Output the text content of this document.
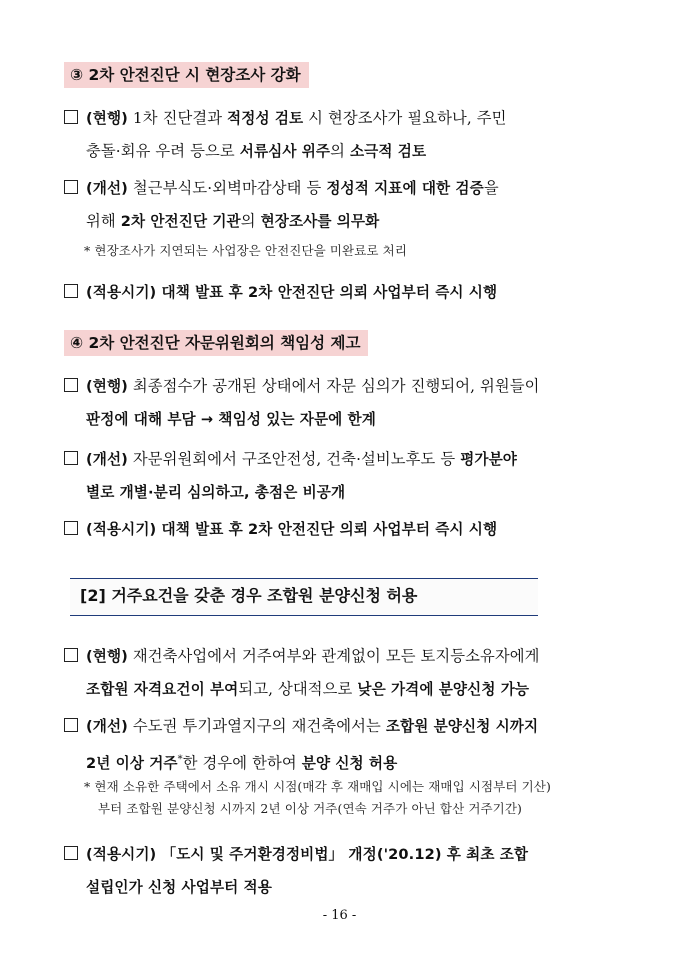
③ 2차 안전진단 시 현장조사 강화
(현행) 1차 진단결과 적정성 검토 시 현장조사가 필요하나, 주민
충돌·회유 우려 등으로 서류심사 위주의 소극적 검토
(개선) 철근부식도·외벽마감상태 등 정성적 지표에 대한 검증을
위해 2차 안전진단 기관의 현장조사를 의무화
* 현장조사가 지연되는 사업장은 안전진단을 미완료로 처리
(적용시기) 대책 발표 후 2차 안전진단 의뢰 사업부터 즉시 시행
④ 2차 안전진단 자문위원회의 책임성 제고
(현행) 최종점수가 공개된 상태에서 자문 심의가 진행되어, 위원들이
판정에 대해 부담 → 책임성 있는 자문에 한계
(개선) 자문위원회에서 구조안전성, 건축·설비노후도 등 평가분야
별로 개별·분리 심의하고, 총점은 비공개
(적용시기) 대책 발표 후 2차 안전진단 의뢰 사업부터 즉시 시행
[2] 거주요건을 갖춘 경우 조합원 분양신청 허용
(현행) 재건축사업에서 거주여부와 관계없이 모든 토지등소유자에게
조합원 자격요건이 부여되고, 상대적으로 낮은 가격에 분양신청 가능
(개선) 수도권 투기과열지구의 재건축에서는 조합원 분양신청 시까지
2년 이상 거주*한 경우에 한하여 분양 신청 허용
* 현재 소유한 주택에서 소유 개시 시점(매각 후 재매입 시에는 재매입 시점부터 기산)
부터 조합원 분양신청 시까지 2년 이상 거주(연속 거주가 아닌 합산 거주기간)
(적용시기) 「도시 및 주거환경정비법」 개정('20.12) 후 최초 조합
설립인가 신청 사업부터 적용
- 16 -
